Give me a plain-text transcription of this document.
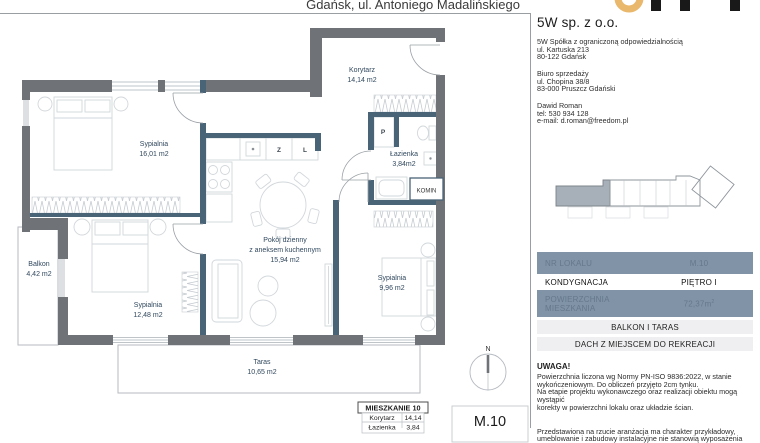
Gdańsk, ul. Antoniego Madalińskiego
5W sp. z o.o.
5W Spółka z ograniczoną odpowiedzialnością
ul. Kartuska 213
80-122 Gdańsk
Biuro sprzedaży
ul. Chopina 38/8
83-000 Pruszcz Gdański
Dawid Roman
tel: 530 934 128
e-mail: d.roman@freedom.pl
NR LOKALU	M.10
KONDYGNACJA	PIĘTRO I
POWIERZCHNIA MIESZKANIA	$72,37m^2$
BALKON I TARAS
DACH Z MIEJSCEM DO REKREACJI
UWAGA!
Powierzchnia liczona wg Normy PN-ISO 9836:2022, w stanie
wykończeniowym. Do obliczeń przyjęto 2cm tynku.
Na etapie projektu wykonawczego oraz realizacji obiektu mogą wystąpić
korekty w powierzchni lokalu oraz układzie ścian.
Przedstawiona na rzucie aranżacja ma charakter przykładowy,
umeblowanie i zabudowy instalacyjne nie stanowią wyposażenia
Korytarz
14,14 m2
Sypialnia
16,01 m2	Łazienka
3,84m2
Pokój dzienny
z aneksem kuchennym
15,94 m2
Sypialnia
9,96 m2
Sypialnia
12,48 m2
Balkon
4,42 m2
Taras
10,65 m2
Z	L
P
KOMIN
N
MIESZKANIE 10
Korytarz 14,14
Łazienka 3,84	M.10
